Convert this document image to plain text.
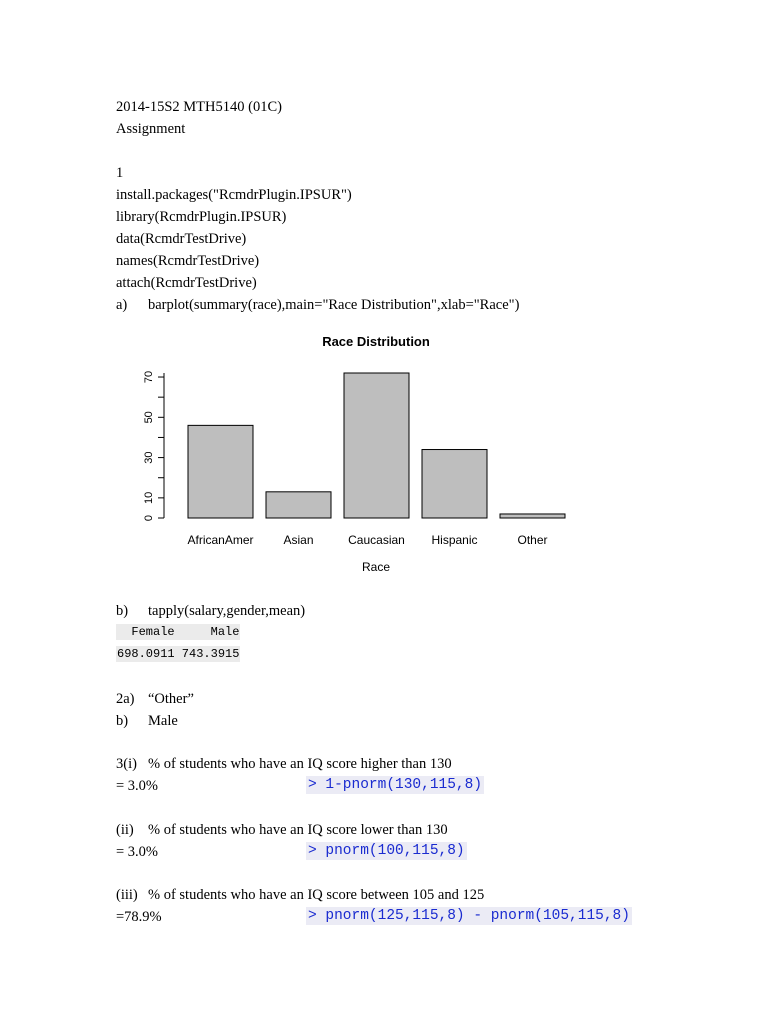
2014-15S2 MTH5140 (01C)
Assignment
1
install.packages("RcmdrPlugin.IPSUR")
library(RcmdrPlugin.IPSUR)
data(RcmdrTestDrive)
names(RcmdrTestDrive)
attach(RcmdrTestDrive)
a) barplot(summary(race),main="Race Distribution",xlab="Race")
Race Distribution
0
10
30
50
70
AfricanAmer Asian	Caucasian Hispanic	Other
Race
b) tapply(salary,gender,mean)
Female     Male
698.0911 743.3915
2a) “Other”
b) Male
3(i) % of students who have an IQ score higher than 130
= 3.0%	> 1-pnorm(130,115,8)
(ii) % of students who have an IQ score lower than 130
= 3.0%	> pnorm(100,115,8)
(iii) % of students who have an IQ score between 105 and 125
=78.9%	> pnorm(125,115,8) - pnorm(105,115,8)
